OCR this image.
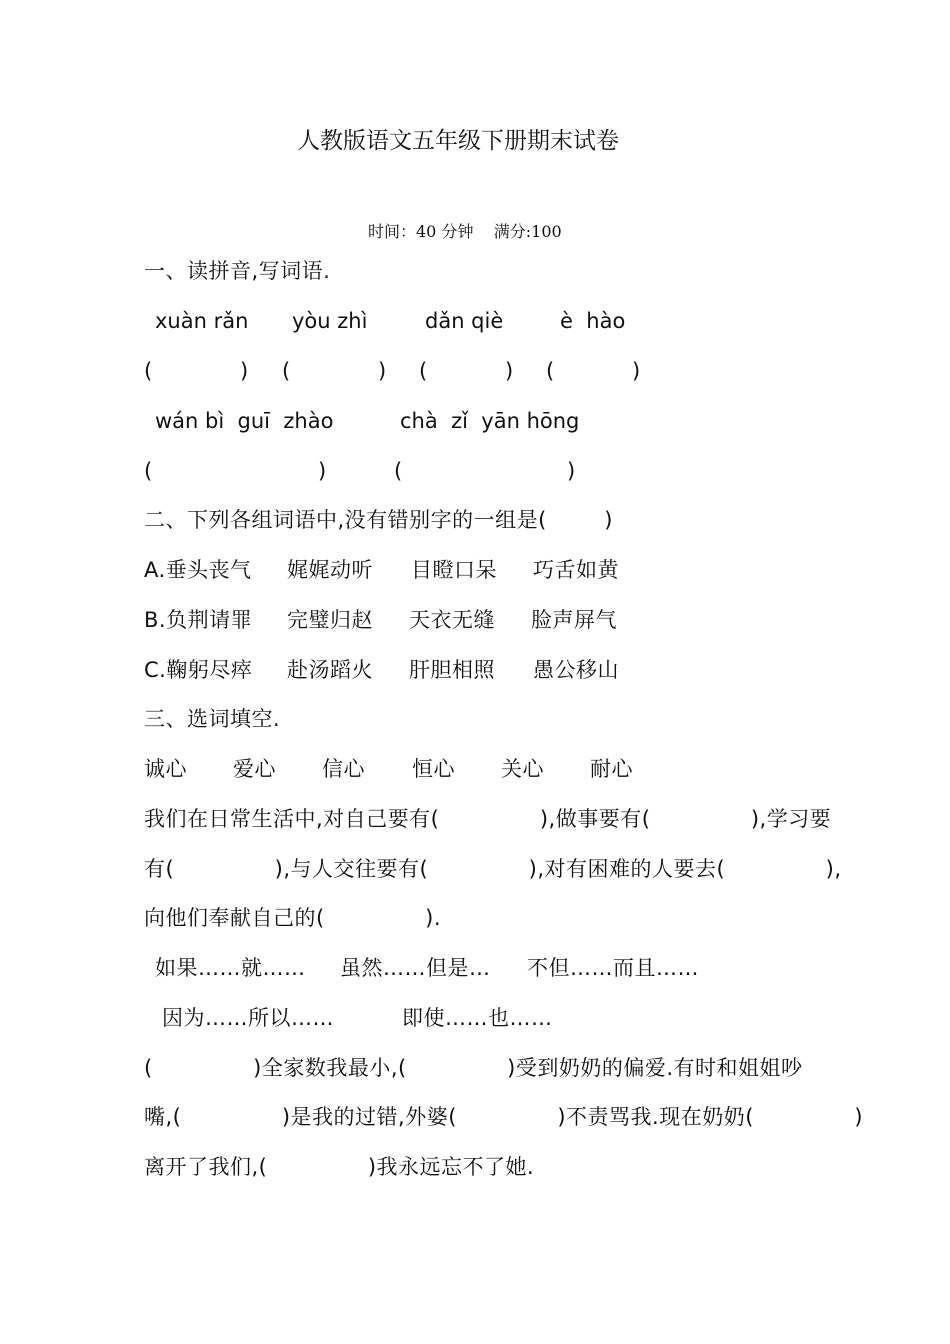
人教版语文五年级下册期末试卷
时间：40 分钟    满分:100
一、读拼音,写词语.
xuàn rǎn yòu zhì	dǎn qiè	è  hào
(	) (	) (	) (	)
wán bì  guī  zhào	chà  zǐ  yān hōng
(	)	(	)
二、下列各组词语中,没有错别字的一组是(        )
A.垂头丧气 娓娓动听 目瞪口呆 巧舌如黄
B.负荆请罪 完璧归赵 天衣无缝 脸声屏气
C.鞠躬尽瘁 赴汤蹈火 肝胆相照 愚公移山
三、选词填空.
诚心 爱心 信心 恒心 关心 耐心
我们在日常生活中,对自己要有(              ),做事要有(              ),学习要
有(              ),与人交往要有(              ),对有困难的人要去(              ),
向他们奉献自己的(              ).
如果……就…… 虽然……但是… 不但……而且……
因为……所以……	即使……也……
(              )全家数我最小,(              )受到奶奶的偏爱.有时和姐姐吵
嘴,(              )是我的过错,外婆(              )不责骂我.现在奶奶(              )
离开了我们,(              )我永远忘不了她.
